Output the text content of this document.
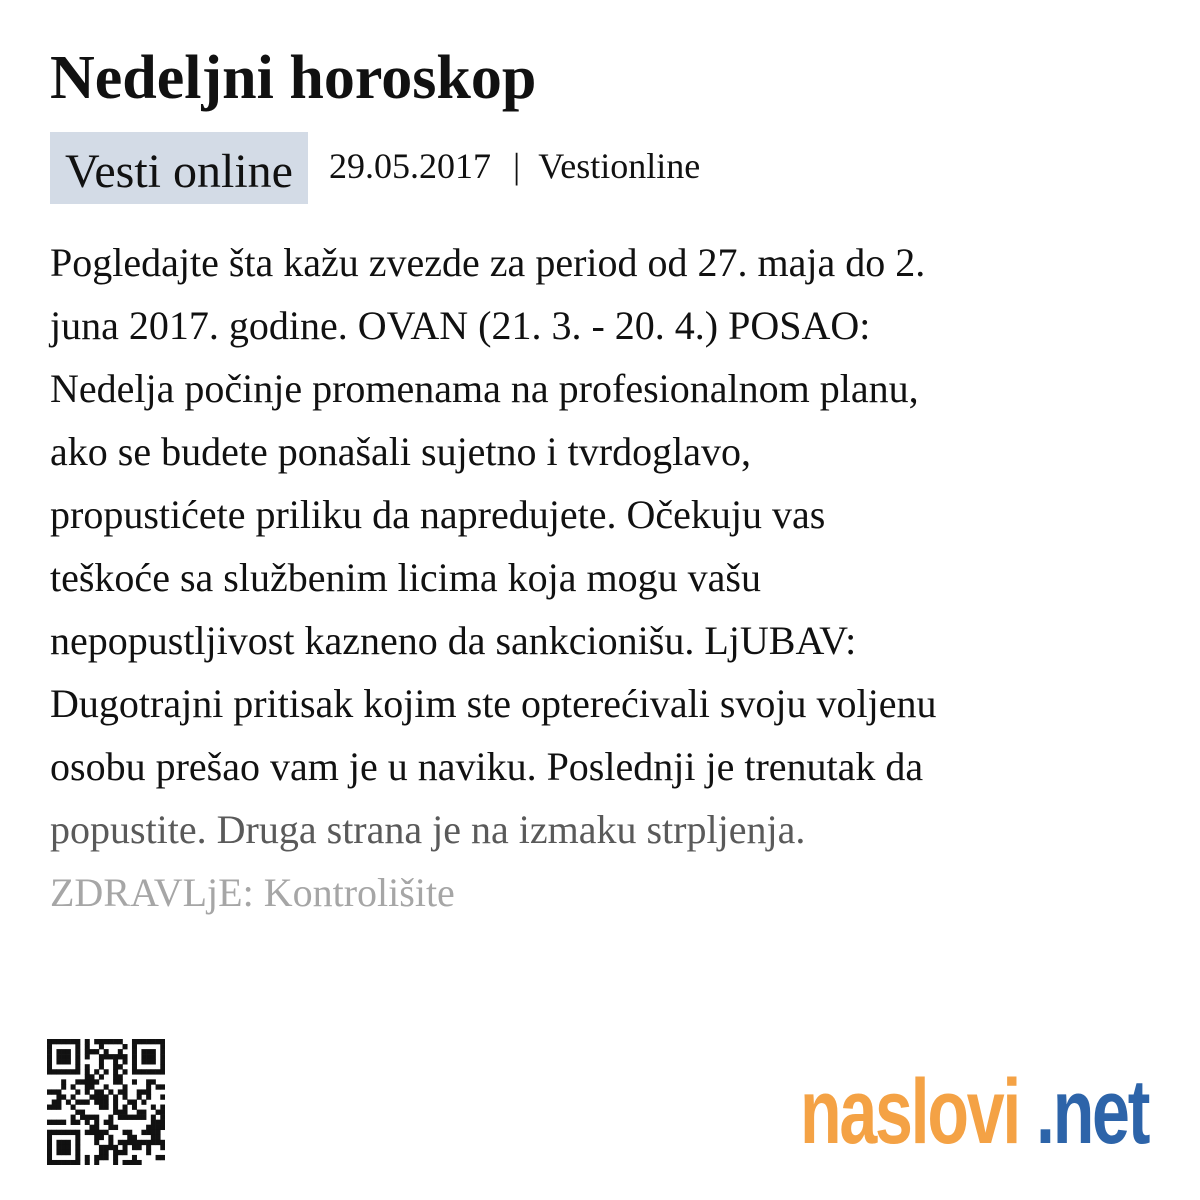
Nedeljni horoskop
Vesti online	29.05.2017 | Vestionline

Pogledajte šta kažu zvezde za period od 27. maja do 2.
juna 2017. godine. OVAN (21. 3. - 20. 4.) POSAO:
Nedelja počinje promenama na profesionalnom planu,
ako se budete ponašali sujetno i tvrdoglavo,
propustićete priliku da napredujete. Očekuju vas
teškoće sa službenim licima koja mogu vašu
nepopustljivost kazneno da sankcionišu. LjUBAV:
Dugotrajni pritisak kojim ste opterećivali svoju voljenu
osobu prešao vam je u naviku. Poslednji je trenutak da
popustite. Druga strana je na izmaku strpljenja.
ZDRAVLjE: Kontrolišite

naslovi .net
